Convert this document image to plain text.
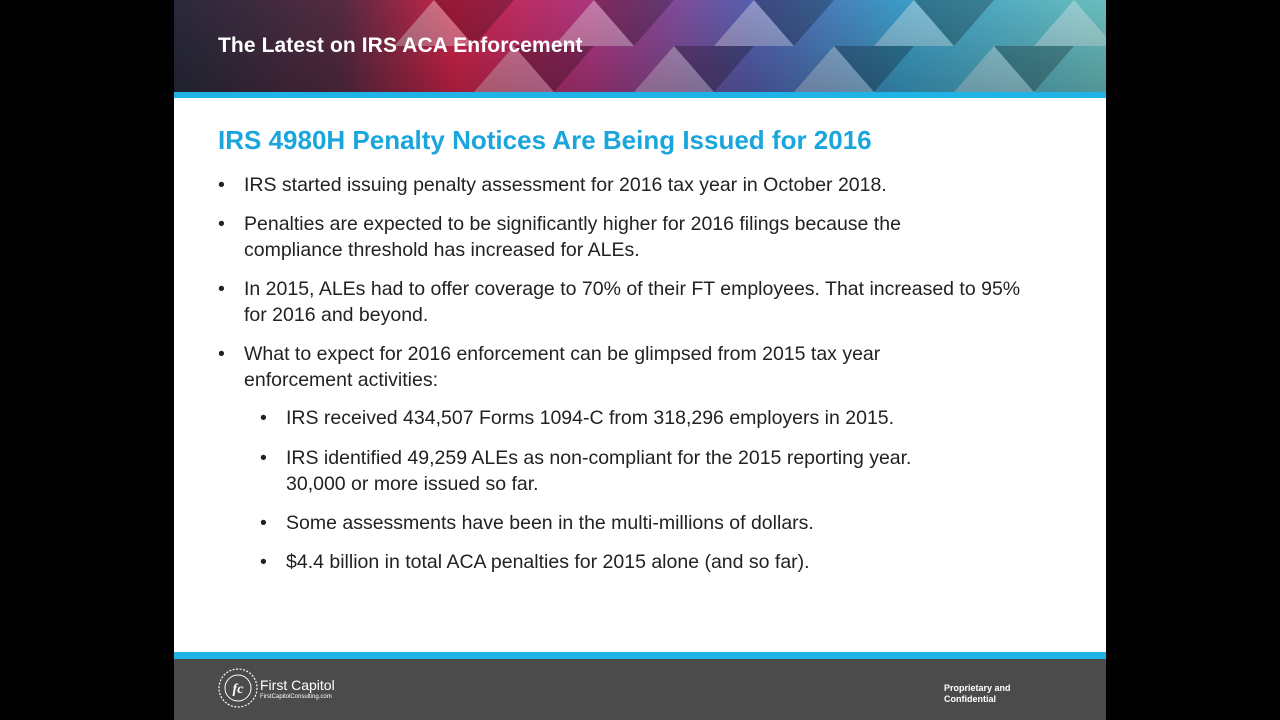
The Latest on IRS ACA Enforcement
IRS 4980H Penalty Notices Are Being Issued for 2016
• IRS started issuing penalty assessment for 2016 tax year in October 2018.
• Penalties are expected to be significantly higher for 2016 filings because the compliance threshold has increased for ALEs.
• In 2015, ALEs had to offer coverage to 70% of their FT employees. That increased to 95% for 2016 and beyond.
• What to expect for 2016 enforcement can be glimpsed from 2015 tax year enforcement activities:
• IRS received 434,507 Forms 1094-C from 318,296 employers in 2015.
• IRS identified 49,259 ALEs as non-compliant for the 2015 reporting year. 30,000 or more issued so far.
• Some assessments have been in the multi-millions of dollars.
• $4.4 billion in total ACA penalties for 2015 alone (and so far).
fc First Capitol
FirstCapitolConsulting.com
Proprietary and Confidential
